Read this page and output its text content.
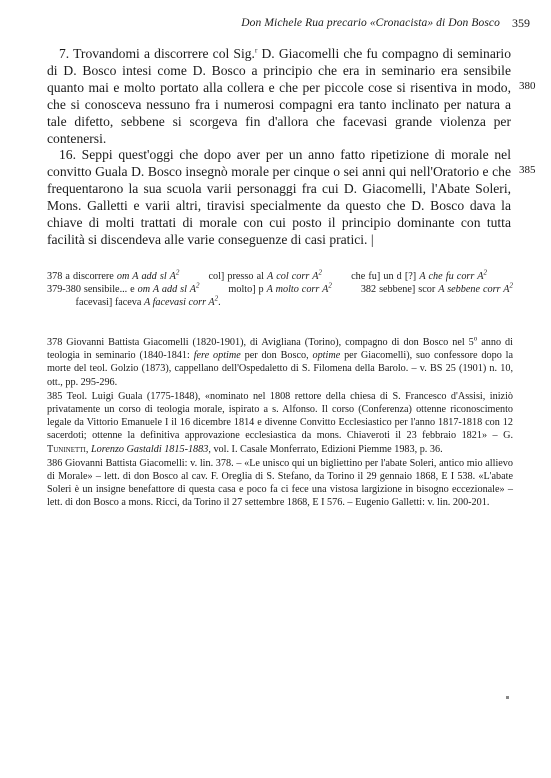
Don Michele Rua precario «Cronacista» di Don Bosco 359

7. Trovandomi a discorrere col Sig.$^r$ D. Giacomelli che fu compagno di seminario di D. Bosco intesi come D. Bosco a principio che era in seminario era sensibile quanto mai e molto portato alla collera e che per piccole cose si risentiva in modo, che si conosceva nessuno fra i numerosi compagni era tanto inclinato per natura a tale difetto, sebbene si scorgeva fin d'allora che facevasi grande violenza per contenersi.

16. Seppi quest'oggi che dopo aver per un anno fatto ripetizione di morale nel convitto Guala D. Bosco insegnò morale per cinque o sei anni qui nell'Oratorio e che frequentarono la sua scuola varii personaggi fra cui D. Giacomelli, l'Abate Soleri, Mons. Galletti e varii altri, tiravisi specialmente da questo che D. Bosco dava la chiave di molti trattati di morale con cui posto il principio dominante con tutta facilità si discendeva alle varie conseguenze di casi pratici. |

380
385
378 a discorrere om A add sl $A^2$	col] presso al A col corr $A^2$	che fu] un d [?] A che fu corr $A^2$ 379-380 sensibile... e om A add sl $A^2$	molto] p A molto corr $A^2$	382 sebbene] scor A sebbene corr $A^2$ facevasi] faceva A facevasi corr $A^2$.

378 Giovanni Battista Giacomelli (1820-1901), di Avigliana (Torino), compagno di don Bosco nel 5$^o$ anno di teologia in seminario (1840-1841: fere optime per don Bosco, optime per Giacomelli), suo confessore dopo la morte del teol. Golzio (1873), cappellano dell'Ospedaletto di S. Filomena della Barolo. – v. BS 25 (1901) n. 10, ott., pp. 295-296.

385 Teol. Luigi Guala (1775-1848), «nominato nel 1808 rettore della chiesa di S. Francesco d'Assisi, iniziò privatamente un corso di teologia morale, ispirato a s. Alfonso. Il corso (Conferenza) ottenne riconoscimento legale da Vittorio Emanuele I il 16 dicembre 1814 e divenne Convitto Ecclesiastico per l'anno 1817-1818 con 12 sacerdoti; ottenne la definitiva approvazione ecclesiastica da mons. Chiaveroti il 23 febbraio 1821» – G. Tuninetti, Lorenzo Gastaldi 1815-1883, vol. I. Casale Monferrato, Edizioni Piemme 1983, p. 36.

386 Giovanni Battista Giacomelli: v. lin. 378. – «Le unisco qui un bigliettino per l'abate Soleri, antico mio allievo di Morale» – lett. di don Bosco al cav. F. Oreglia di S. Stefano, da Torino il 29 gennaio 1868, E I 538. «L'abate Soleri è un insigne benefattore di questa casa e poco fa ci fece una vistosa largizione in bisogno eccezionale» – lett. di don Bosco a mons. Ricci, da Torino il 27 settembre 1868, E I 576. – Eugenio Galletti: v. lin. 200-201.
